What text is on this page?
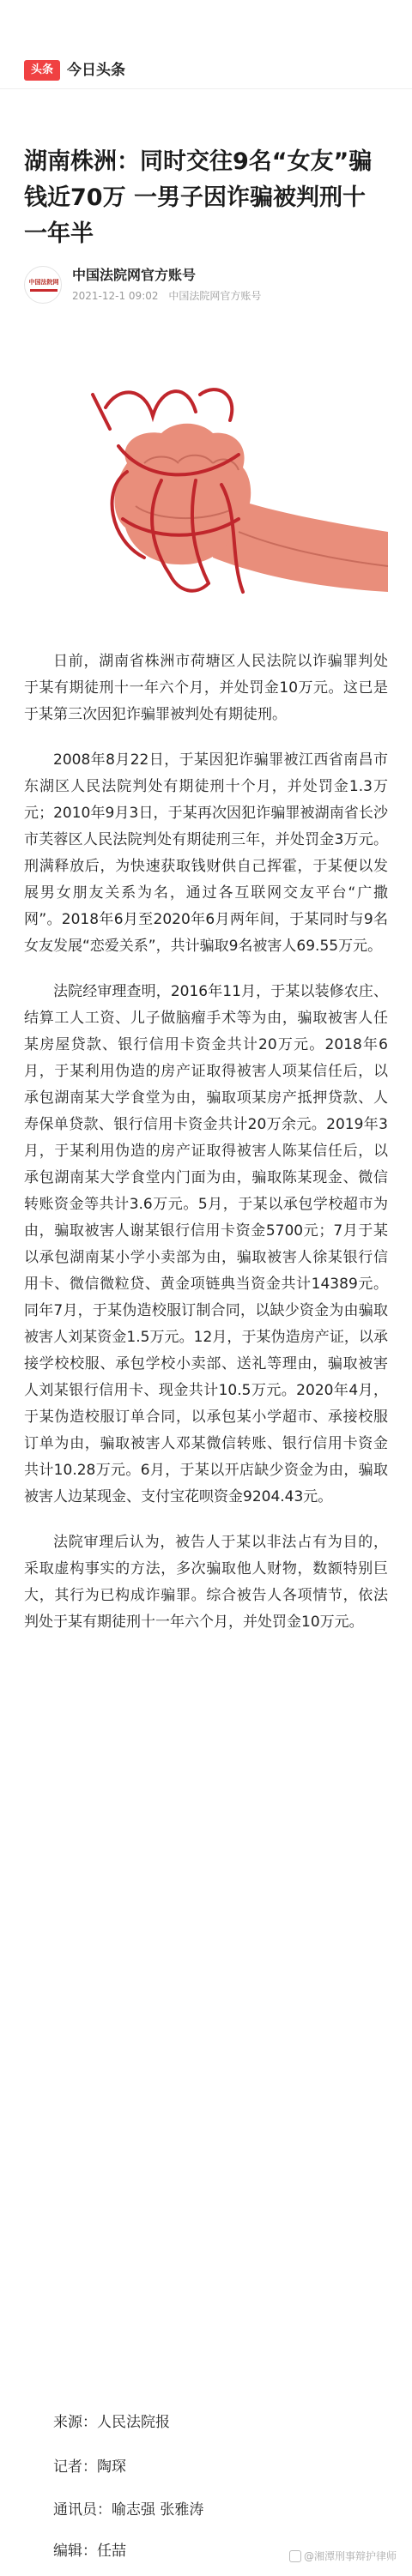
头条 今日头条
湖南株洲：同时交往9名“女友”骗钱近70万 一男子因诈骗被判刑十一年半
中国法院网 中国法院网官方账号
2021-12-1 09:02 中国法院网官方账号

日前，湖南省株洲市荷塘区人民法院以诈骗罪判处于某有期徒刑十一年六个月，并处罚金10万元。这已是于某第三次因犯诈骗罪被判处有期徒刑。

2008年8月22日，于某因犯诈骗罪被江西省南昌市东湖区人民法院判处有期徒刑十个月，并处罚金1.3万元；2010年9月3日，于某再次因犯诈骗罪被湖南省长沙市芙蓉区人民法院判处有期徒刑三年，并处罚金3万元。刑满释放后，为快速获取钱财供自己挥霍，于某便以发展男女朋友关系为名，通过各互联网交友平台“广撒网”。2018年6月至2020年6月两年间，于某同时与9名女友发展“恋爱关系”，共计骗取9名被害人69.55万元。

法院经审理查明，2016年11月，于某以装修农庄、结算工人工资、儿子做脑瘤手术等为由，骗取被害人任某房屋贷款、银行信用卡资金共计20万元。2018年6月，于某利用伪造的房产证取得被害人项某信任后，以承包湖南某大学食堂为由，骗取项某房产抵押贷款、人寿保单贷款、银行信用卡资金共计20万余元。2019年3月，于某利用伪造的房产证取得被害人陈某信任后，以承包湖南某大学食堂内门面为由，骗取陈某现金、微信转账资金等共计3.6万元。5月，于某以承包学校超市为由，骗取被害人谢某银行信用卡资金5700元；7月于某以承包湖南某小学小卖部为由，骗取被害人徐某银行信用卡、微信微粒贷、黄金项链典当资金共计14389元。同年7月，于某伪造校服订制合同，以缺少资金为由骗取被害人刘某资金1.5万元。12月，于某伪造房产证，以承接学校校服、承包学校小卖部、送礼等理由，骗取被害人刘某银行信用卡、现金共计10.5万元。2020年4月，于某伪造校服订单合同，以承包某小学超市、承接校服订单为由，骗取被害人邓某微信转账、银行信用卡资金共计10.28万元。6月，于某以开店缺少资金为由，骗取被害人边某现金、支付宝花呗资金9204.43元。

法院审理后认为，被告人于某以非法占有为目的，采取虚构事实的方法，多次骗取他人财物，数额特别巨大，其行为已构成诈骗罪。综合被告人各项情节，依法判处于某有期徒刑十一年六个月，并处罚金10万元。

来源：人民法院报
记者：陶琛
通讯员：喻志强 张雅涛
编辑：任喆	@湘潭刑事辩护律师
